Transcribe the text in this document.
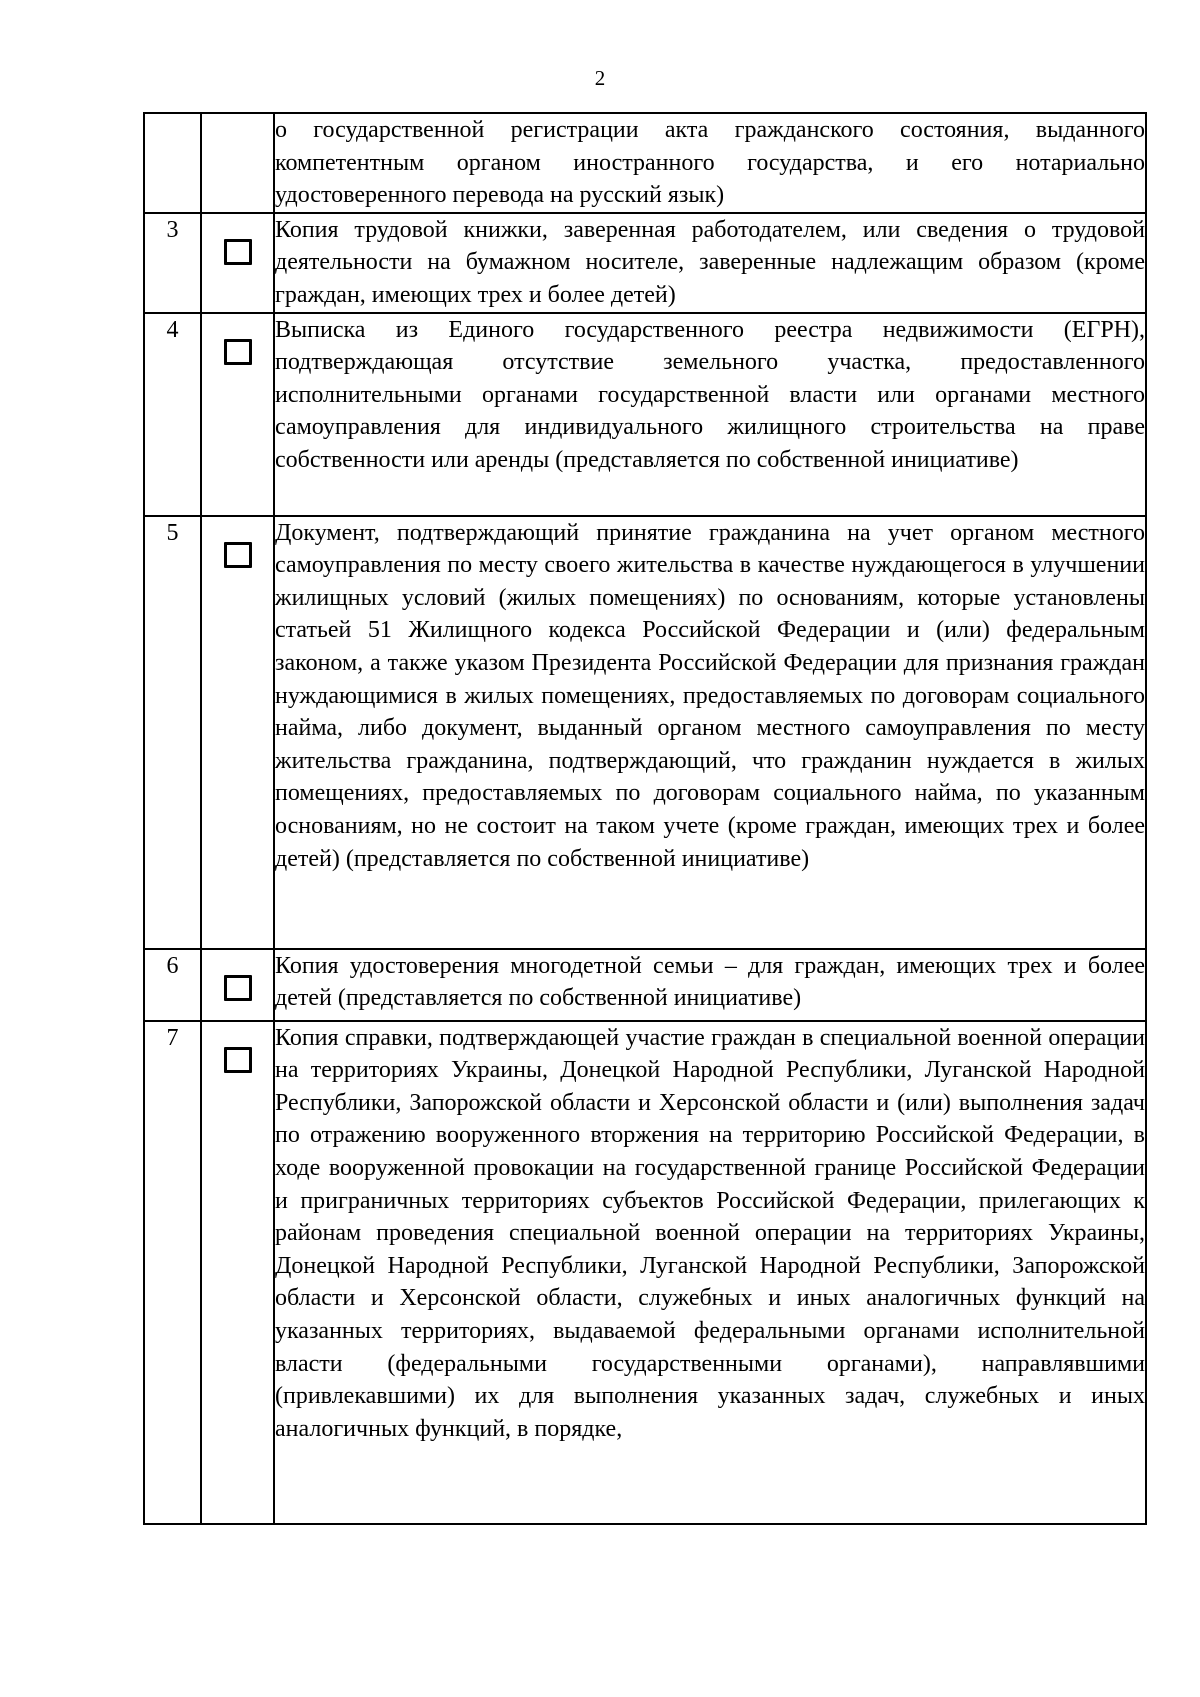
2
		о государственной регистрации акта гражданского состояния, выданного компетентным органом иностранного государства, и его нотариально удостоверенного перевода на русский язык)
3		Копия трудовой книжки, заверенная работодателем, или сведения о трудовой деятельности на бумажном носителе, заверенные надлежащим образом (кроме граждан, имеющих трех и более детей)
4		Выписка из Единого государственного реестра недвижимости (ЕГРН), подтверждающая отсутствие земельного участка, предоставленного исполнительными органами государственной власти или органами местного самоуправления для индивидуального жилищного строительства на праве собственности или аренды (представляется по собственной инициативе)
5		Документ, подтверждающий принятие гражданина на учет органом местного самоуправления по месту своего жительства в качестве нуждающегося в улучшении жилищных условий (жилых помещениях) по основаниям, которые установлены статьей 51 Жилищного кодекса Российской Федерации и (или) федеральным законом, а также указом Президента Российской Федерации для признания граждан нуждающимися в жилых помещениях, предоставляемых по договорам социального найма, либо документ, выданный органом местного самоуправления по месту жительства гражданина, подтверждающий, что гражданин нуждается в жилых помещениях, предоставляемых по договорам социального найма, по указанным основаниям, но не состоит на таком учете (кроме граждан, имеющих трех и более детей) (представляется по собственной инициативе)
6		Копия удостоверения многодетной семьи – для граждан, имеющих трех и более детей (представляется по собственной инициативе)
7		Копия справки, подтверждающей участие граждан в специальной военной операции на территориях Украины, Донецкой Народной Республики, Луганской Народной Республики, Запорожской области и Херсонской области и (или) выполнения задач по отражению вооруженного вторжения на территорию Российской Федерации, в ходе вооруженной провокации на государственной границе Российской Федерации и приграничных территориях субъектов Российской Федерации, прилегающих к районам проведения специальной военной операции на территориях Украины, Донецкой Народной Республики, Луганской Народной Республики, Запорожской области и Херсонской области, служебных и иных аналогичных функций на указанных территориях, выдаваемой федеральными органами исполнительной власти (федеральными государственными органами), направлявшими (привлекавшими) их для выполнения указанных задач, служебных и иных аналогичных функций, в порядке,
